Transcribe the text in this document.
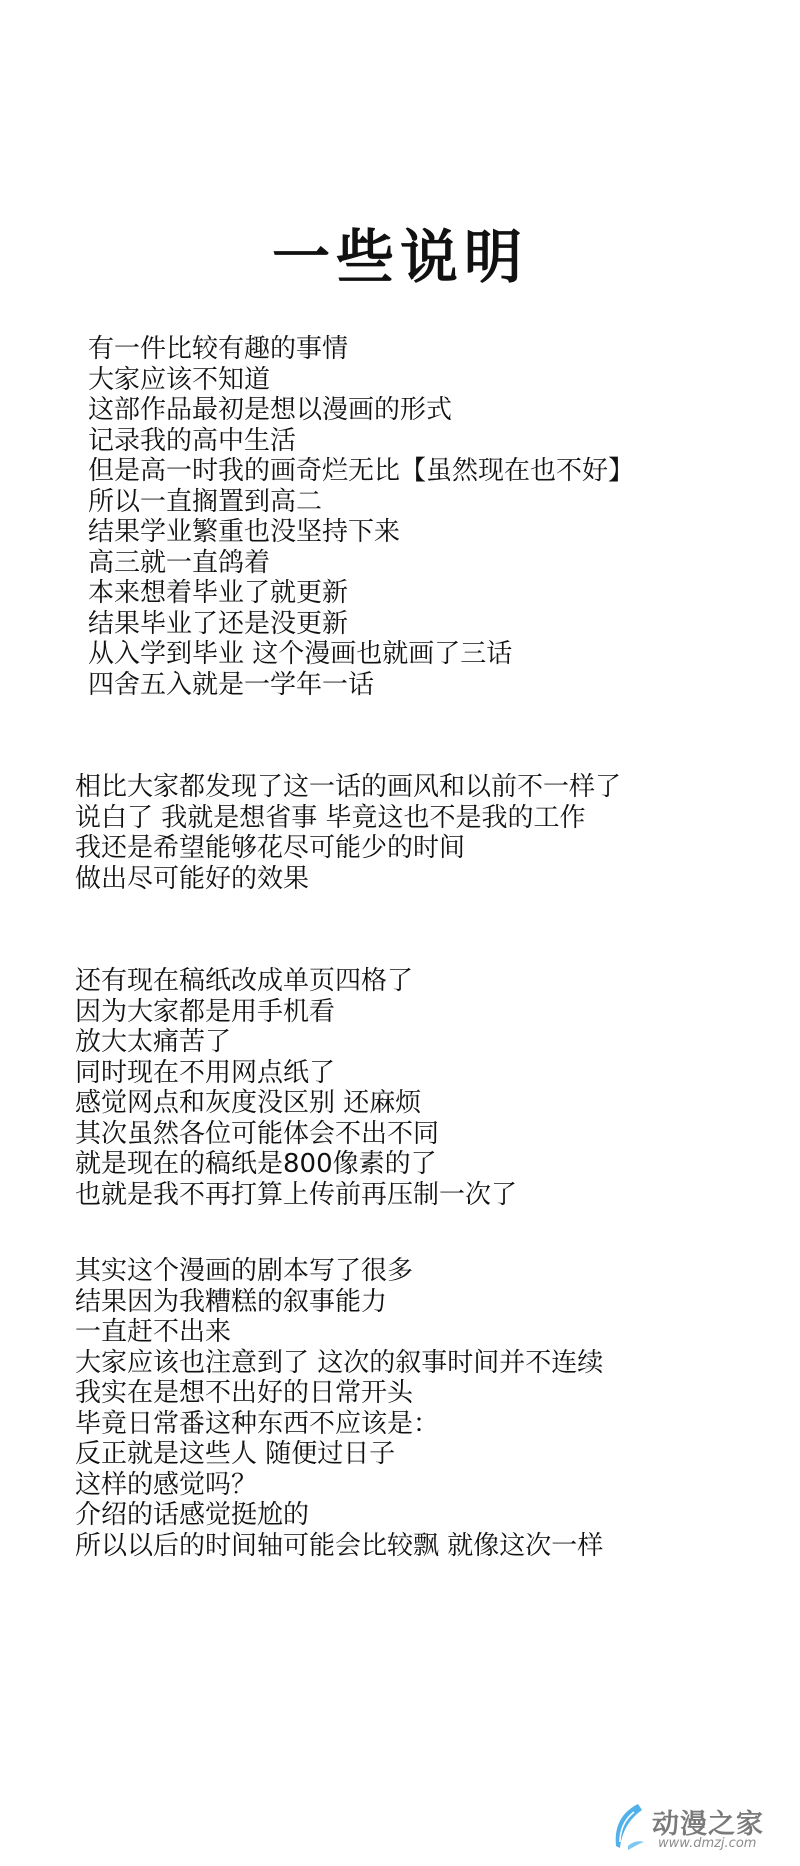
一些说明
有一件比较有趣的事情
大家应该不知道
这部作品最初是想以漫画的形式
记录我的高中生活
但是高一时我的画奇烂无比【虽然现在也不好】
所以一直搁置到高二
结果学业繁重也没坚持下来
高三就一直鸽着
本来想着毕业了就更新
结果毕业了还是没更新
从入学到毕业 这个漫画也就画了三话
四舍五入就是一学年一话
相比大家都发现了这一话的画风和以前不一样了
说白了 我就是想省事 毕竟这也不是我的工作
我还是希望能够花尽可能少的时间
做出尽可能好的效果
还有现在稿纸改成单页四格了
因为大家都是用手机看
放大太痛苦了
同时现在不用网点纸了
感觉网点和灰度没区别 还麻烦
其次虽然各位可能体会不出不同
就是现在的稿纸是800像素的了
也就是我不再打算上传前再压制一次了
其实这个漫画的剧本写了很多
结果因为我糟糕的叙事能力
一直赶不出来
大家应该也注意到了 这次的叙事时间并不连续
我实在是想不出好的日常开头
毕竟日常番这种东西不应该是：
反正就是这些人 随便过日子
这样的感觉吗？
介绍的话感觉挺尬的
所以以后的时间轴可能会比较飘 就像这次一样
动漫之家
www.dmzj.com
